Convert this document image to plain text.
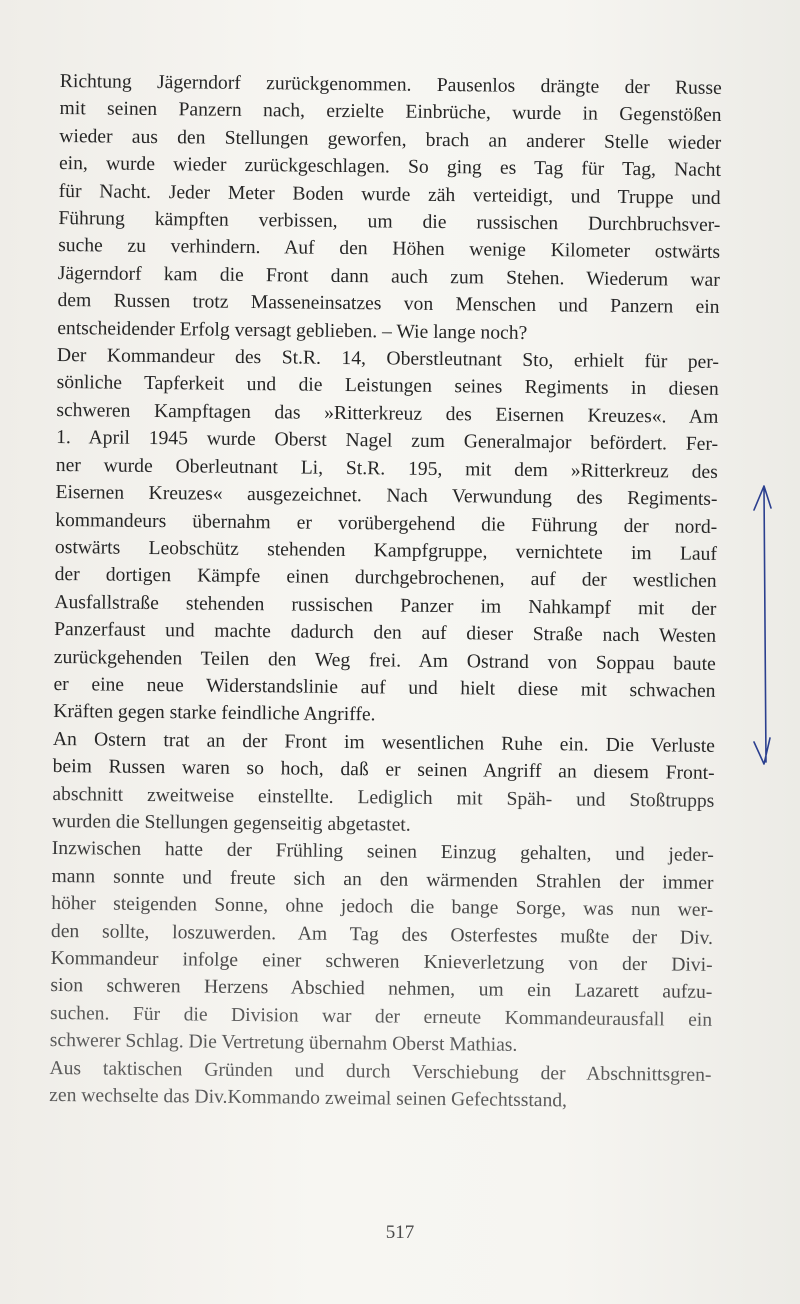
Richtung Jägerndorf zurückgenommen. Pausenlos drängte der Russe
mit seinen Panzern nach, erzielte Einbrüche, wurde in Gegenstößen
wieder aus den Stellungen geworfen, brach an anderer Stelle wieder
ein, wurde wieder zurückgeschlagen. So ging es Tag für Tag, Nacht
für Nacht. Jeder Meter Boden wurde zäh verteidigt, und Truppe und
Führung kämpften verbissen, um die russischen Durchbruchsver-
suche zu verhindern. Auf den Höhen wenige Kilometer ostwärts
Jägerndorf kam die Front dann auch zum Stehen. Wiederum war
dem Russen trotz Masseneinsatzes von Menschen und Panzern ein
entscheidender Erfolg versagt geblieben. – Wie lange noch?
Der Kommandeur des St.R. 14, Oberstleutnant Sto, erhielt für per-
sönliche Tapferkeit und die Leistungen seines Regiments in diesen
schweren Kampftagen das »Ritterkreuz des Eisernen Kreuzes«. Am
1. April 1945 wurde Oberst Nagel zum Generalmajor befördert. Fer-
ner wurde Oberleutnant Li, St.R. 195, mit dem »Ritterkreuz des
Eisernen Kreuzes« ausgezeichnet. Nach Verwundung des Regiments-
kommandeurs übernahm er vorübergehend die Führung der nord-
ostwärts Leobschütz stehenden Kampfgruppe, vernichtete im Lauf
der dortigen Kämpfe einen durchgebrochenen, auf der westlichen
Ausfallstraße stehenden russischen Panzer im Nahkampf mit der
Panzerfaust und machte dadurch den auf dieser Straße nach Westen
zurückgehenden Teilen den Weg frei. Am Ostrand von Soppau baute
er eine neue Widerstandslinie auf und hielt diese mit schwachen
Kräften gegen starke feindliche Angriffe.
An Ostern trat an der Front im wesentlichen Ruhe ein. Die Verluste
beim Russen waren so hoch, daß er seinen Angriff an diesem Front-
abschnitt zweitweise einstellte. Lediglich mit Späh- und Stoßtrupps
wurden die Stellungen gegenseitig abgetastet.
Inzwischen hatte der Frühling seinen Einzug gehalten, und jeder-
mann sonnte und freute sich an den wärmenden Strahlen der immer
höher steigenden Sonne, ohne jedoch die bange Sorge, was nun wer-
den sollte, loszuwerden. Am Tag des Osterfestes mußte der Div.
Kommandeur infolge einer schweren Knieverletzung von der Divi-
sion schweren Herzens Abschied nehmen, um ein Lazarett aufzu-
suchen. Für die Division war der erneute Kommandeurausfall ein
schwerer Schlag. Die Vertretung übernahm Oberst Mathias.
Aus taktischen Gründen und durch Verschiebung der Abschnittsgren-
zen wechselte das Div.Kommando zweimal seinen Gefechtsstand,
517
